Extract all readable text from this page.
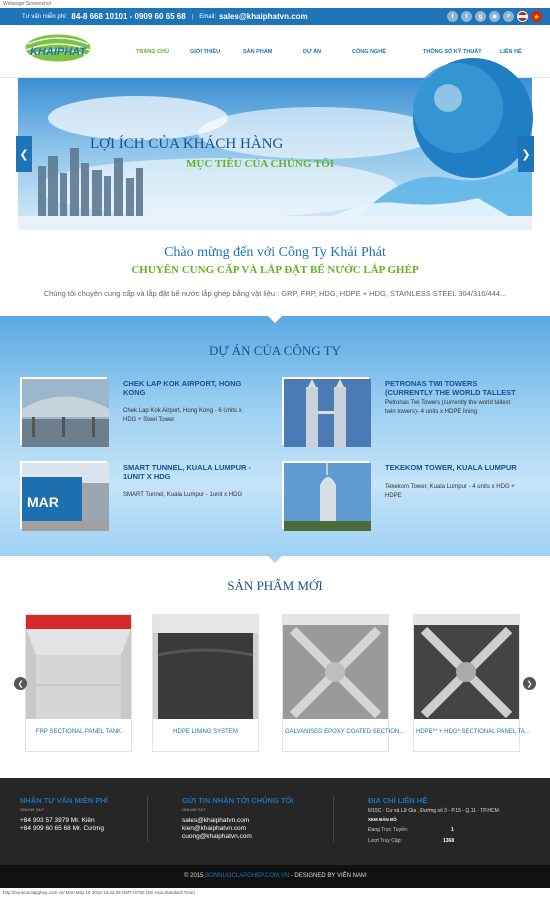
Webpage Screenshot
Tư vấn miễn phí: 84-8 668 10101 - 0909 60 65 68 | Email: sales@khaiphatvn.com	f	t	g	◉	⌕	★
KHAIPHAT	TRANG CHỦ	GIỚI THIỆU	SẢN PHẨM	DỰ ÁN	CÔNG NGHỆ	THÔNG SỐ KỸ THUẬT	LIÊN HỆ
LỢI ÍCH CỦA KHÁCH HÀNG
MỤC TIÊU CỦA CHÚNG TÔI
❮	❯
Chào mừng đến với Công Ty Khải Phát
CHUYÊN CUNG CẤP VÀ LẮP ĐẶT BỂ NƯỚC LẮP GHÉP
Chúng tôi chuyên cung cấp và lắp đặt bể nước lắp ghép bằng vật liệu : GRP, FRP, HDG, HDPE + HDG, STAINLESS STEEL 304/316/444...
DỰ ÁN CỦA CÔNG TY
CHEK LAP KOK AIRPORT, HONG KONG
Chek Lap Kok Airport, Hong Kong - 6 Units x HDG + Steel Tower
PETRONAS TWI TOWERS (CURRENTLY THE WORLD TALLEST
Petronas Twi Towers (currently the world tallest twin towers)- 4 units x HDPE lining
MAR
SMART TUNNEL, KUALA LUMPUR - 1UNIT X HDG
SMART Tunnel, Kuala Lumpur - 1unit x HDG
TEKEKOM TOWER, KUALA LUMPUR
Tekekom Tower, Kuala Lumpur - 4 units x HDG + HDPE
SẢN PHẨM MỚI
FRP SECTIONAL PANEL TANK	HDPE LINING SYSTEM	GALVANISED EPOXY COATED SECTION...	HDPE** + HDG* SECTIONAL PANEL TA...
❮	❯
NHẬN TƯ VẤN MIỄN PHÍ
ONLINE 24/7
+84 903 57 3979 Mr. Kiên
+84 909 60 65 68 Mr. Cường
GỬI TIN NHẮN TỚI CHÚNG TÔI
ONLINE 24/7
sales@khaiphatvn.com
kien@khaiphatvn.com
cuong@khaiphatvn.com
ĐỊA CHỈ LIÊN HỆ
6/15C - Cư xá Lữ Gia , Đường số 3 - P.15 - Q.11 - TP.HCM
XEM BẢN ĐỒ
Đang Trực Tuyến:	1
Lượt Truy Cập:	1368
© 2015 BONNUOCLAPGHEP.COM.VN - DESIGNED BY VIỄN NAM
http://bonnuoclapghep.com.vn/ Mon May 16 2016 16:42:36 GMT+0700 (SE Asia Standard Time)
